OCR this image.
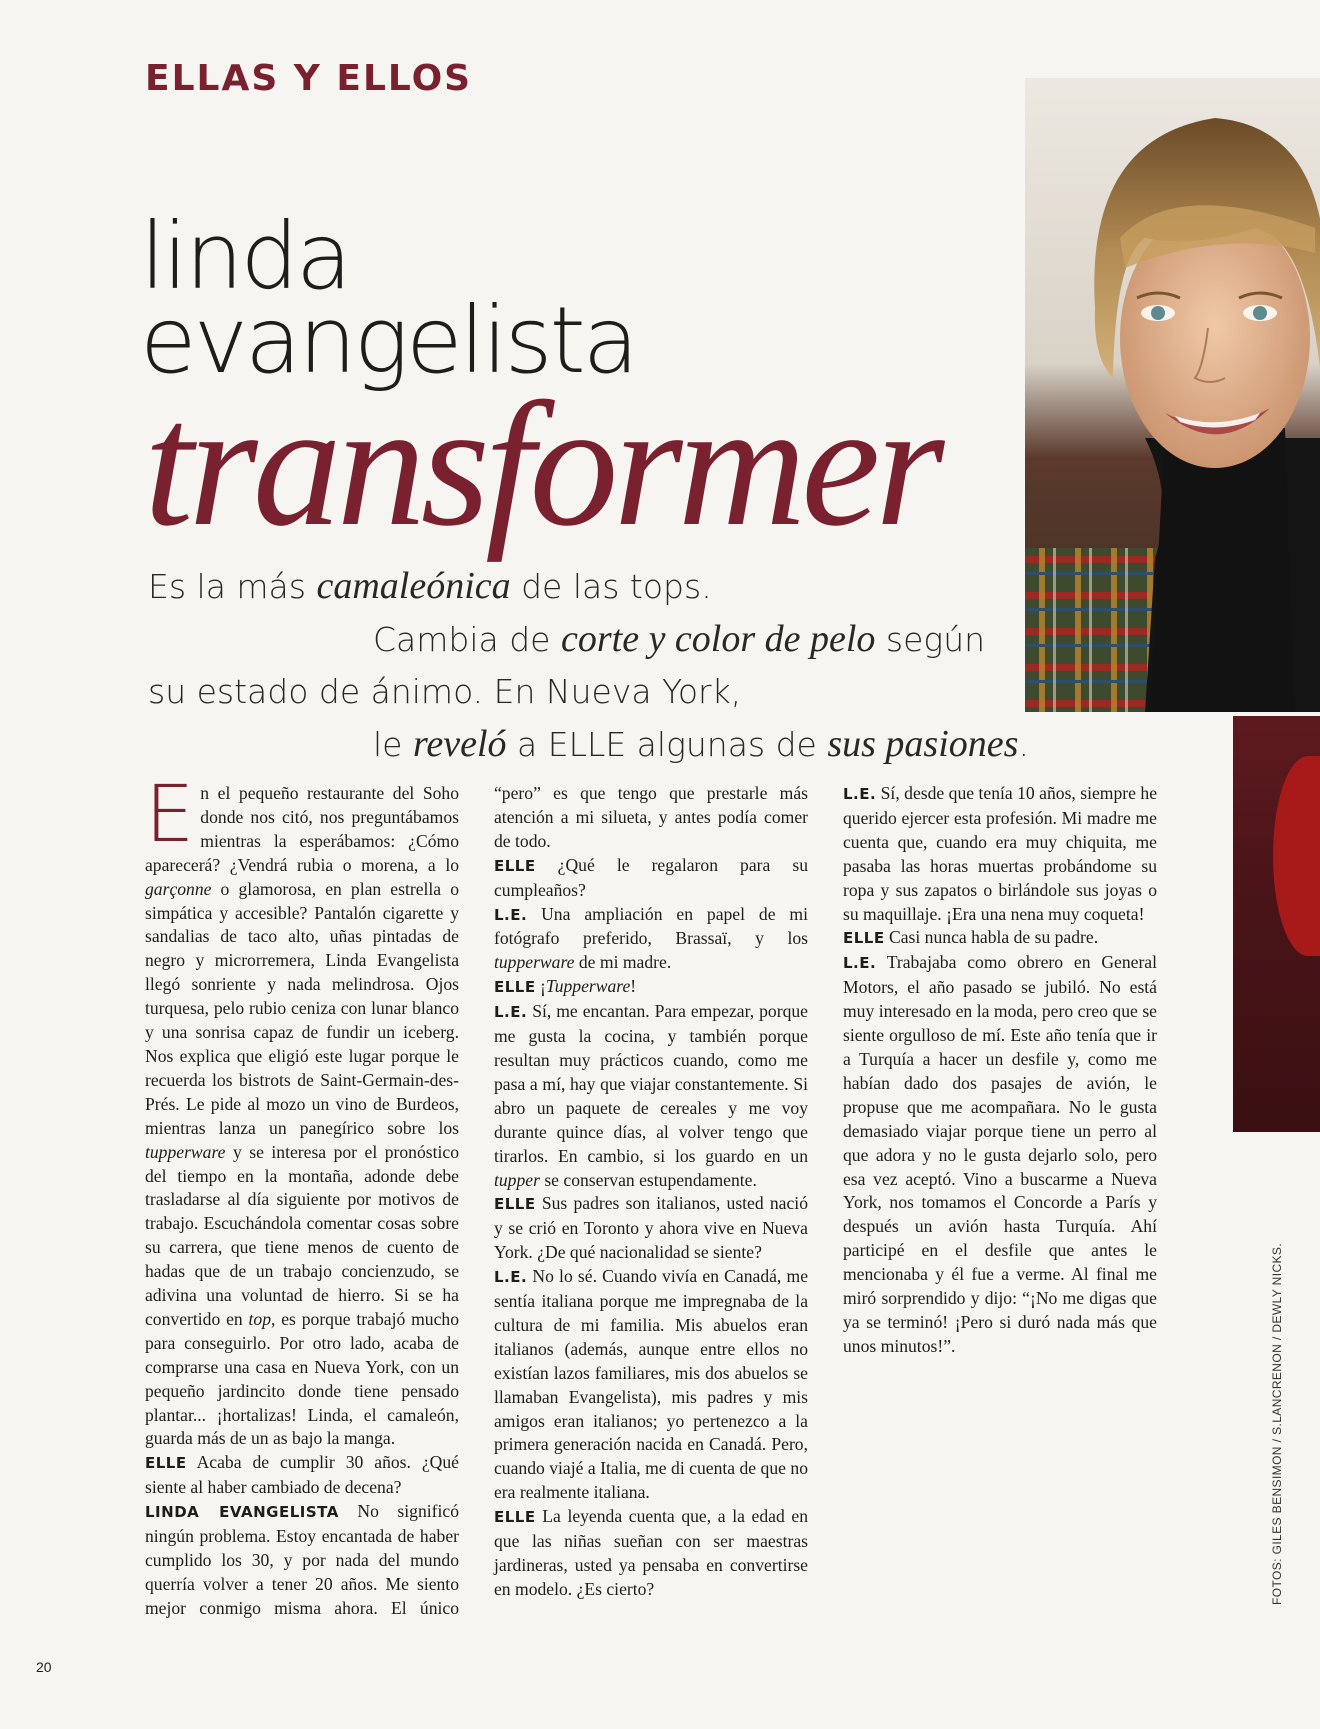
ELLAS Y ELLOS
linda
evangelista
transformer
Es la más camaleónica de las tops.
Cambia de corte y color de pelo según
su estado de ánimo. En Nueva York,
le reveló a ELLE algunas de sus pasiones.

En el pequeño restaurante del Soho donde nos citó, nos preguntábamos mientras la esperábamos: ¿Cómo aparecerá? ¿Vendrá rubia o morena, a lo garçonne o glamorosa, en plan estrella o simpática y accesible? Pantalón cigarette y sandalias de taco alto, uñas pintadas de negro y microrremera, Linda Evangelista llegó sonriente y nada melindrosa. Ojos turquesa, pelo rubio ceniza con lunar blanco y una sonrisa capaz de fundir un iceberg. Nos explica que eligió este lugar porque le recuerda los bistrots de Saint-Germain-des-Prés. Le pide al mozo un vino de Burdeos, mientras lanza un panegírico sobre los tupperware y se interesa por el pronóstico del tiempo en la montaña, adonde debe trasladarse al día siguiente por motivos de trabajo. Escuchándola comentar cosas sobre su carrera, que tiene menos de cuento de hadas que de un trabajo concienzudo, se adivina una voluntad de hierro. Si se ha convertido en top, es porque trabajó mucho para conseguirlo. Por otro lado, acaba de comprarse una casa en Nueva York, con un pequeño jardincito donde tiene pensado plantar... ¡hortalizas! Linda, el camaleón, guarda más de un as bajo la manga.

ELLE Acaba de cumplir 30 años. ¿Qué siente al haber cambiado de decena?

LINDA EVANGELISTA No significó ningún problema. Estoy encantada de haber cumplido los 30, y por nada del mundo querría volver a tener 20 años. Me siento mejor conmigo misma ahora. El único “pero” es que tengo que prestarle más atención a mi silueta, y antes podía comer de todo.

ELLE ¿Qué le regalaron para su cumpleaños?

L.E. Una ampliación en papel de mi fotógrafo preferido, Brassaï, y los tupperware de mi madre.

ELLE ¡Tupperware!

L.E. Sí, me encantan. Para empezar, porque me gusta la cocina, y también porque resultan muy prácticos cuando, como me pasa a mí, hay que viajar constantemente. Si abro un paquete de cereales y me voy durante quince días, al volver tengo que tirarlos. En cambio, si los guardo en un tupper se conservan estupendamente.

ELLE Sus padres son italianos, usted nació y se crió en Toronto y ahora vive en Nueva York. ¿De qué nacionalidad se siente?

L.E. No lo sé. Cuando vivía en Canadá, me sentía italiana porque me impregnaba de la cultura de mi familia. Mis abuelos eran italianos (además, aunque entre ellos no existían lazos familiares, mis dos abuelos se llamaban Evangelista), mis padres y mis amigos eran italianos; yo pertenezco a la primera generación nacida en Canadá. Pero, cuando viajé a Italia, me di cuenta de que no era realmente italiana.

ELLE La leyenda cuenta que, a la edad en que las niñas sueñan con ser maestras jardineras, usted ya pensaba en convertirse en modelo. ¿Es cierto?

L.E. Sí, desde que tenía 10 años, siempre he querido ejercer esta profesión. Mi madre me cuenta que, cuando era muy chiquita, me pasaba las horas muertas probándome su ropa y sus zapatos o birlándole sus joyas o su maquillaje. ¡Era una nena muy coqueta!

ELLE Casi nunca habla de su padre.

L.E. Trabajaba como obrero en General Motors, el año pasado se jubiló. No está muy interesado en la moda, pero creo que se siente orgulloso de mí. Este año tenía que ir a Turquía a hacer un desfile y, como me habían dado dos pasajes de avión, le propuse que me acompañara. No le gusta demasiado viajar porque tiene un perro al que adora y no le gusta dejarlo solo, pero esa vez aceptó. Vino a buscarme a Nueva York, nos tomamos el Concorde a París y después un avión hasta Turquía. Ahí participé en el desfile que antes le mencionaba y él fue a verme. Al final me miró sorprendido y dijo: “¡No me digas que ya se terminó! ¡Pero si duró nada más que unos minutos!”.	FOTOS: GILES BENSIMON / S.LANCRENON / DEWLY NICKS.
20
